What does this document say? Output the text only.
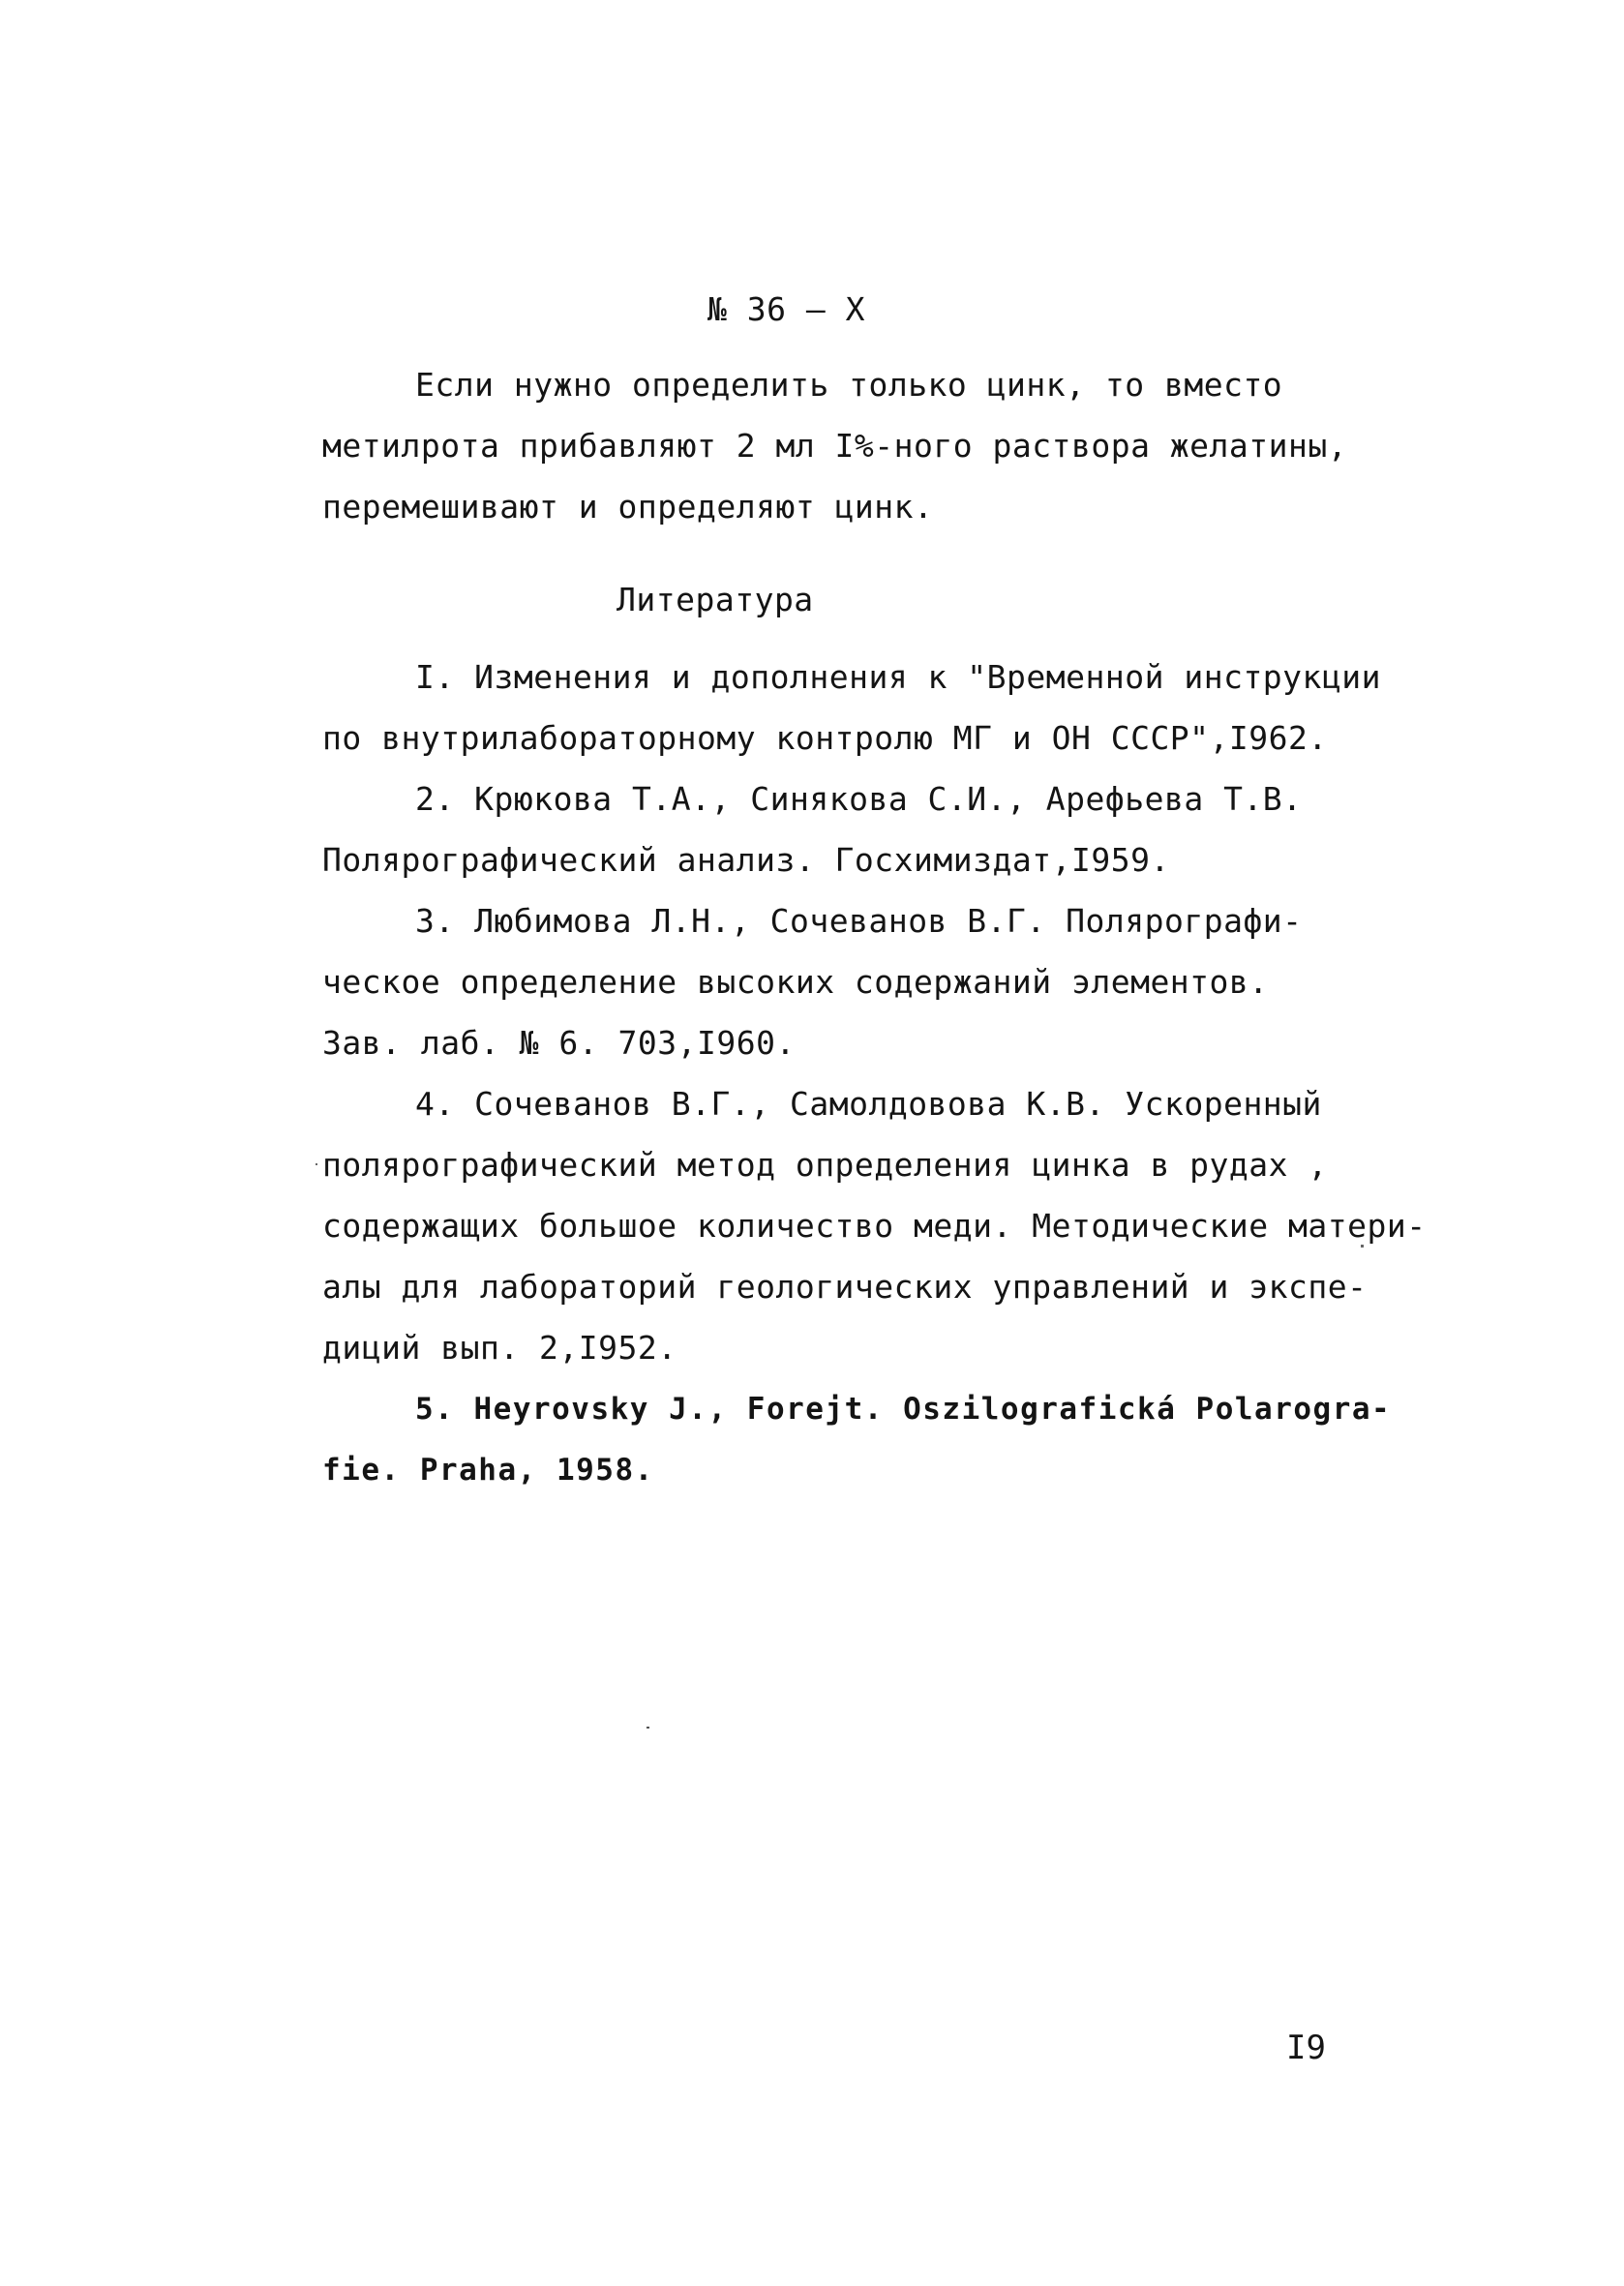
№ 36 – Х
Если нужно определить только цинк, то вместо
метилрота прибавляют 2 мл I%-ного раствора желатины,
перемешивают и определяют цинк.
Литература
I. Изменения и дополнения к "Временной инструкции
по внутрилабораторному контролю МГ и ОН СССР",I962.
2. Крюкова Т.А., Синякова С.И., Арефьева Т.В.
Полярографический анализ. Госхимиздат,I959.
3. Любимова Л.Н., Сочеванов В.Г. Полярографи-
ческое определение высоких содержаний элементов.
Зав. лаб. № 6. 703,I960.
4. Сочеванов В.Г., Самолдовова К.В. Ускоренный
полярографический метод определения цинка в рудах ,
содержащих большое количество меди. Методические матери-
алы для лабораторий геологических управлений и экспе-
диций вып. 2,I952.
5. Heyrovsky J., Forejt. Oszilografická Polarogra-
fie. Praha, 1958.
I9
